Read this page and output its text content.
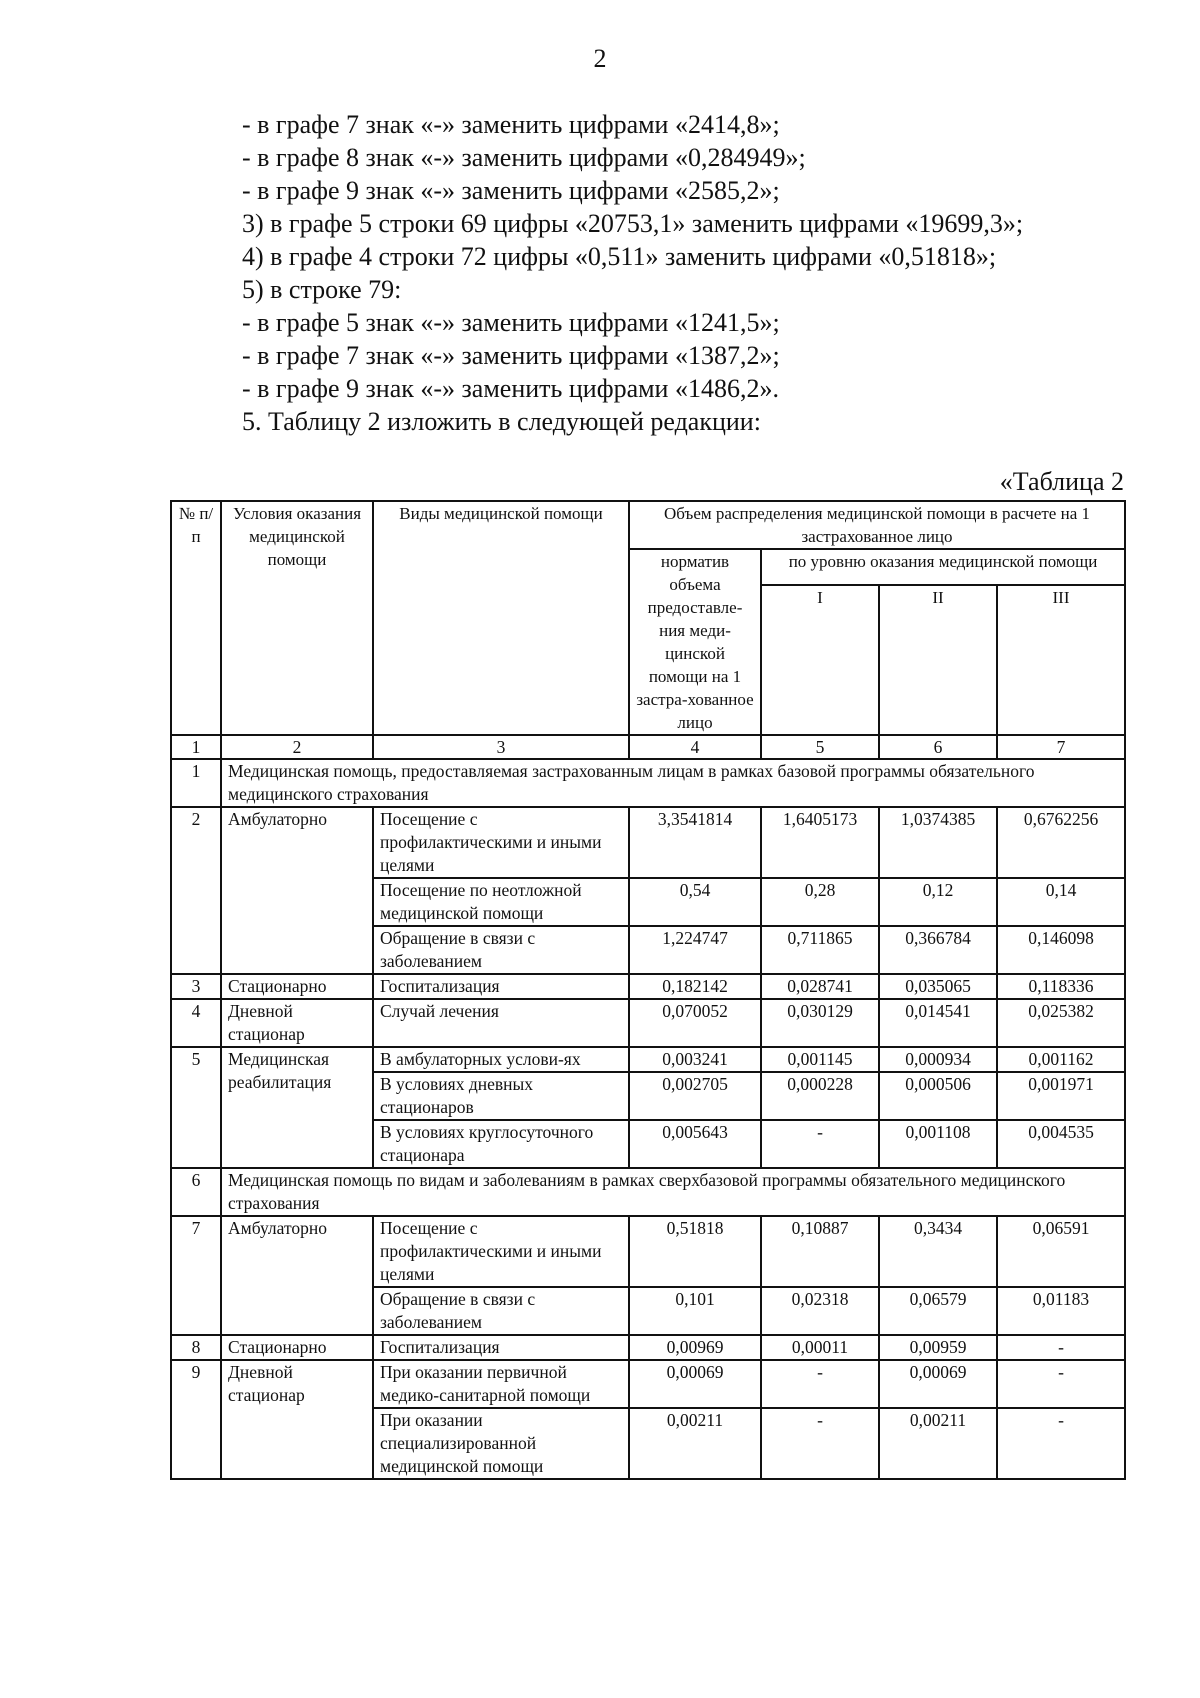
2
- в графе 7 знак «-» заменить цифрами «2414,8»;
- в графе 8 знак «-» заменить цифрами «0,284949»;
- в графе 9 знак «-» заменить цифрами «2585,2»;
3) в графе 5 строки 69 цифры «20753,1» заменить цифрами «19699,3»;
4) в графе 4 строки 72 цифры «0,511» заменить цифрами «0,51818»;
5) в строке 79:
- в графе 5 знак «-» заменить цифрами «1241,5»;
- в графе 7 знак «-» заменить цифрами «1387,2»;
- в графе 9 знак «-» заменить цифрами «1486,2».
5. Таблицу 2 изложить в следующей редакции:
«Таблица 2
№ п/п	Условия оказания медицинской помощи	Виды медицинской помощи	Объем распределения медицинской помощи в расчете на 1 застрахованное лицо			
			норматив объема предоставле-ния меди-цинской помощи на 1 застра-хованное лицо	по уровню оказания медицинской помощи		
				I	II	III
1	2	3	4	5	6	7
1	Медицинская помощь, предоставляемая застрахованным лицам в рамках базовой программы обязательного медицинского страхования					
2	Амбулаторно	Посещение с профилактическими и иными целями	3,3541814	1,6405173	1,0374385	0,6762256
		Посещение по неотложной медицинской помощи	0,54	0,28	0,12	0,14
		Обращение в связи с заболеванием	1,224747	0,711865	0,366784	0,146098
3	Стационарно	Госпитализация	0,182142	0,028741	0,035065	0,118336
4	Дневной стационар	Случай лечения	0,070052	0,030129	0,014541	0,025382
5	Медицинская реабилитация	В амбулаторных услови-ях	0,003241	0,001145	0,000934	0,001162
		В условиях дневных стационаров	0,002705	0,000228	0,000506	0,001971
		В условиях круглосуточного стационара	0,005643	-	0,001108	0,004535
6	Медицинская помощь по видам и заболеваниям в рамках сверхбазовой программы обязательного медицинского страхования					
7	Амбулаторно	Посещение с профилактическими и иными целями	0,51818	0,10887	0,3434	0,06591
		Обращение в связи с заболеванием	0,101	0,02318	0,06579	0,01183
8	Стационарно	Госпитализация	0,00969	0,00011	0,00959	-
9	Дневной стационар	При оказании первичной медико-санитарной помощи	0,00069	-	0,00069	-
		При оказании специализированной медицинской помощи	0,00211	-	0,00211	-
